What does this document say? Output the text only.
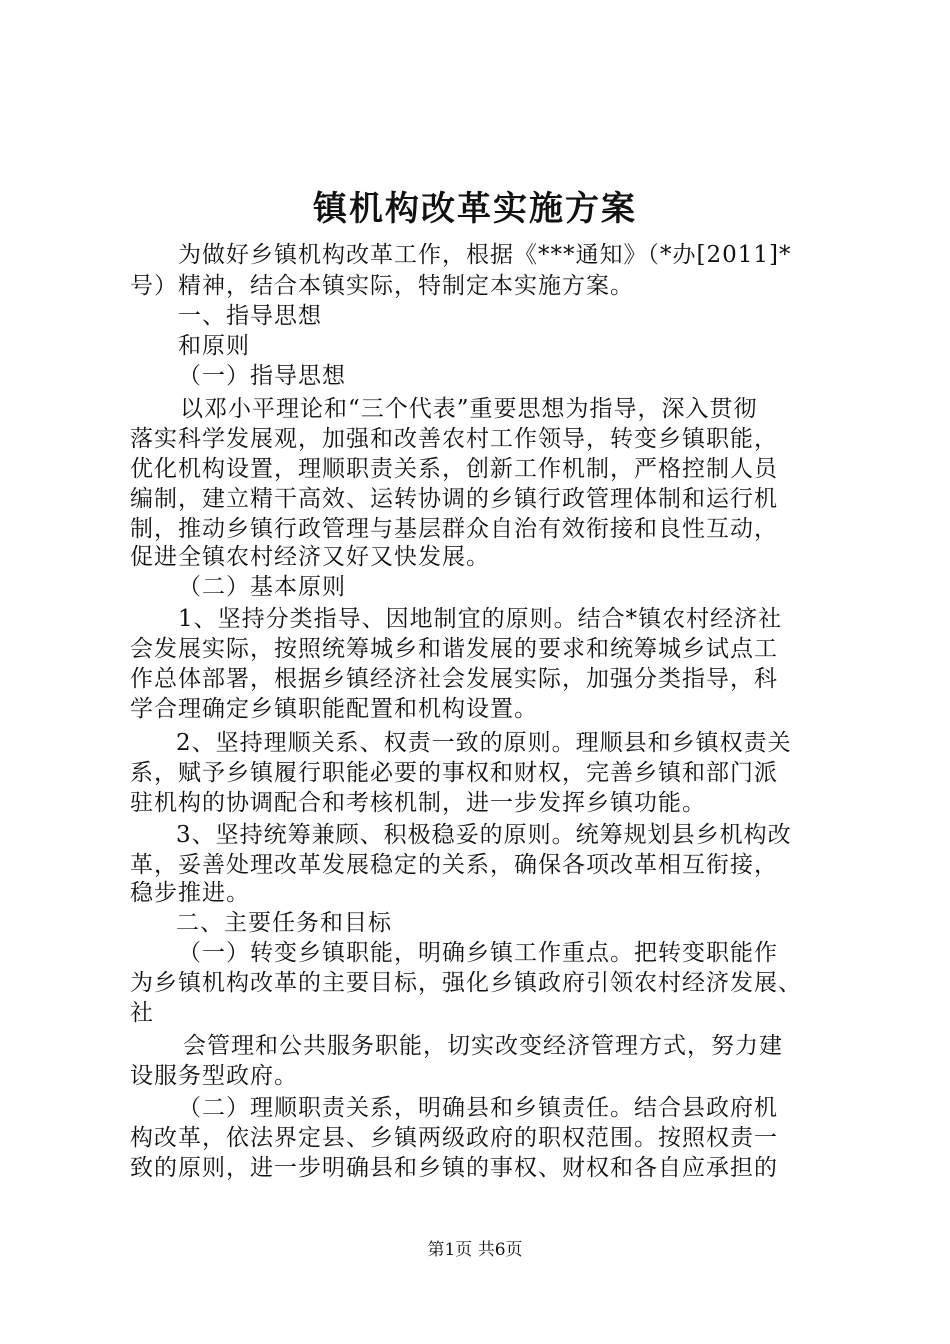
镇机构改革实施方案
为做好乡镇机构改革工作，根据《***通知》（*办[2011]*
号）精神，结合本镇实际，特制定本实施方案。
一、指导思想
和原则
（一）指导思想
以邓小平理论和“三个代表”重要思想为指导，深入贯彻
落实科学发展观，加强和改善农村工作领导，转变乡镇职能，
优化机构设置，理顺职责关系，创新工作机制，严格控制人员
编制，建立精干高效、运转协调的乡镇行政管理体制和运行机
制，推动乡镇行政管理与基层群众自治有效衔接和良性互动，
促进全镇农村经济又好又快发展。
（二）基本原则
1、坚持分类指导、因地制宜的原则。结合*镇农村经济社
会发展实际，按照统筹城乡和谐发展的要求和统筹城乡试点工
作总体部署，根据乡镇经济社会发展实际，加强分类指导，科
学合理确定乡镇职能配置和机构设置。
2、坚持理顺关系、权责一致的原则。理顺县和乡镇权责关
系，赋予乡镇履行职能必要的事权和财权，完善乡镇和部门派
驻机构的协调配合和考核机制，进一步发挥乡镇功能。
3、坚持统筹兼顾、积极稳妥的原则。统筹规划县乡机构改
革，妥善处理改革发展稳定的关系，确保各项改革相互衔接，
稳步推进。
二、主要任务和目标
（一）转变乡镇职能，明确乡镇工作重点。把转变职能作
为乡镇机构改革的主要目标，强化乡镇政府引领农村经济发展、
社
会管理和公共服务职能，切实改变经济管理方式，努力建
设服务型政府。
（二）理顺职责关系，明确县和乡镇责任。结合县政府机
构改革，依法界定县、乡镇两级政府的职权范围。按照权责一
致的原则，进一步明确县和乡镇的事权、财权和各自应承担的
第1页 共6页
